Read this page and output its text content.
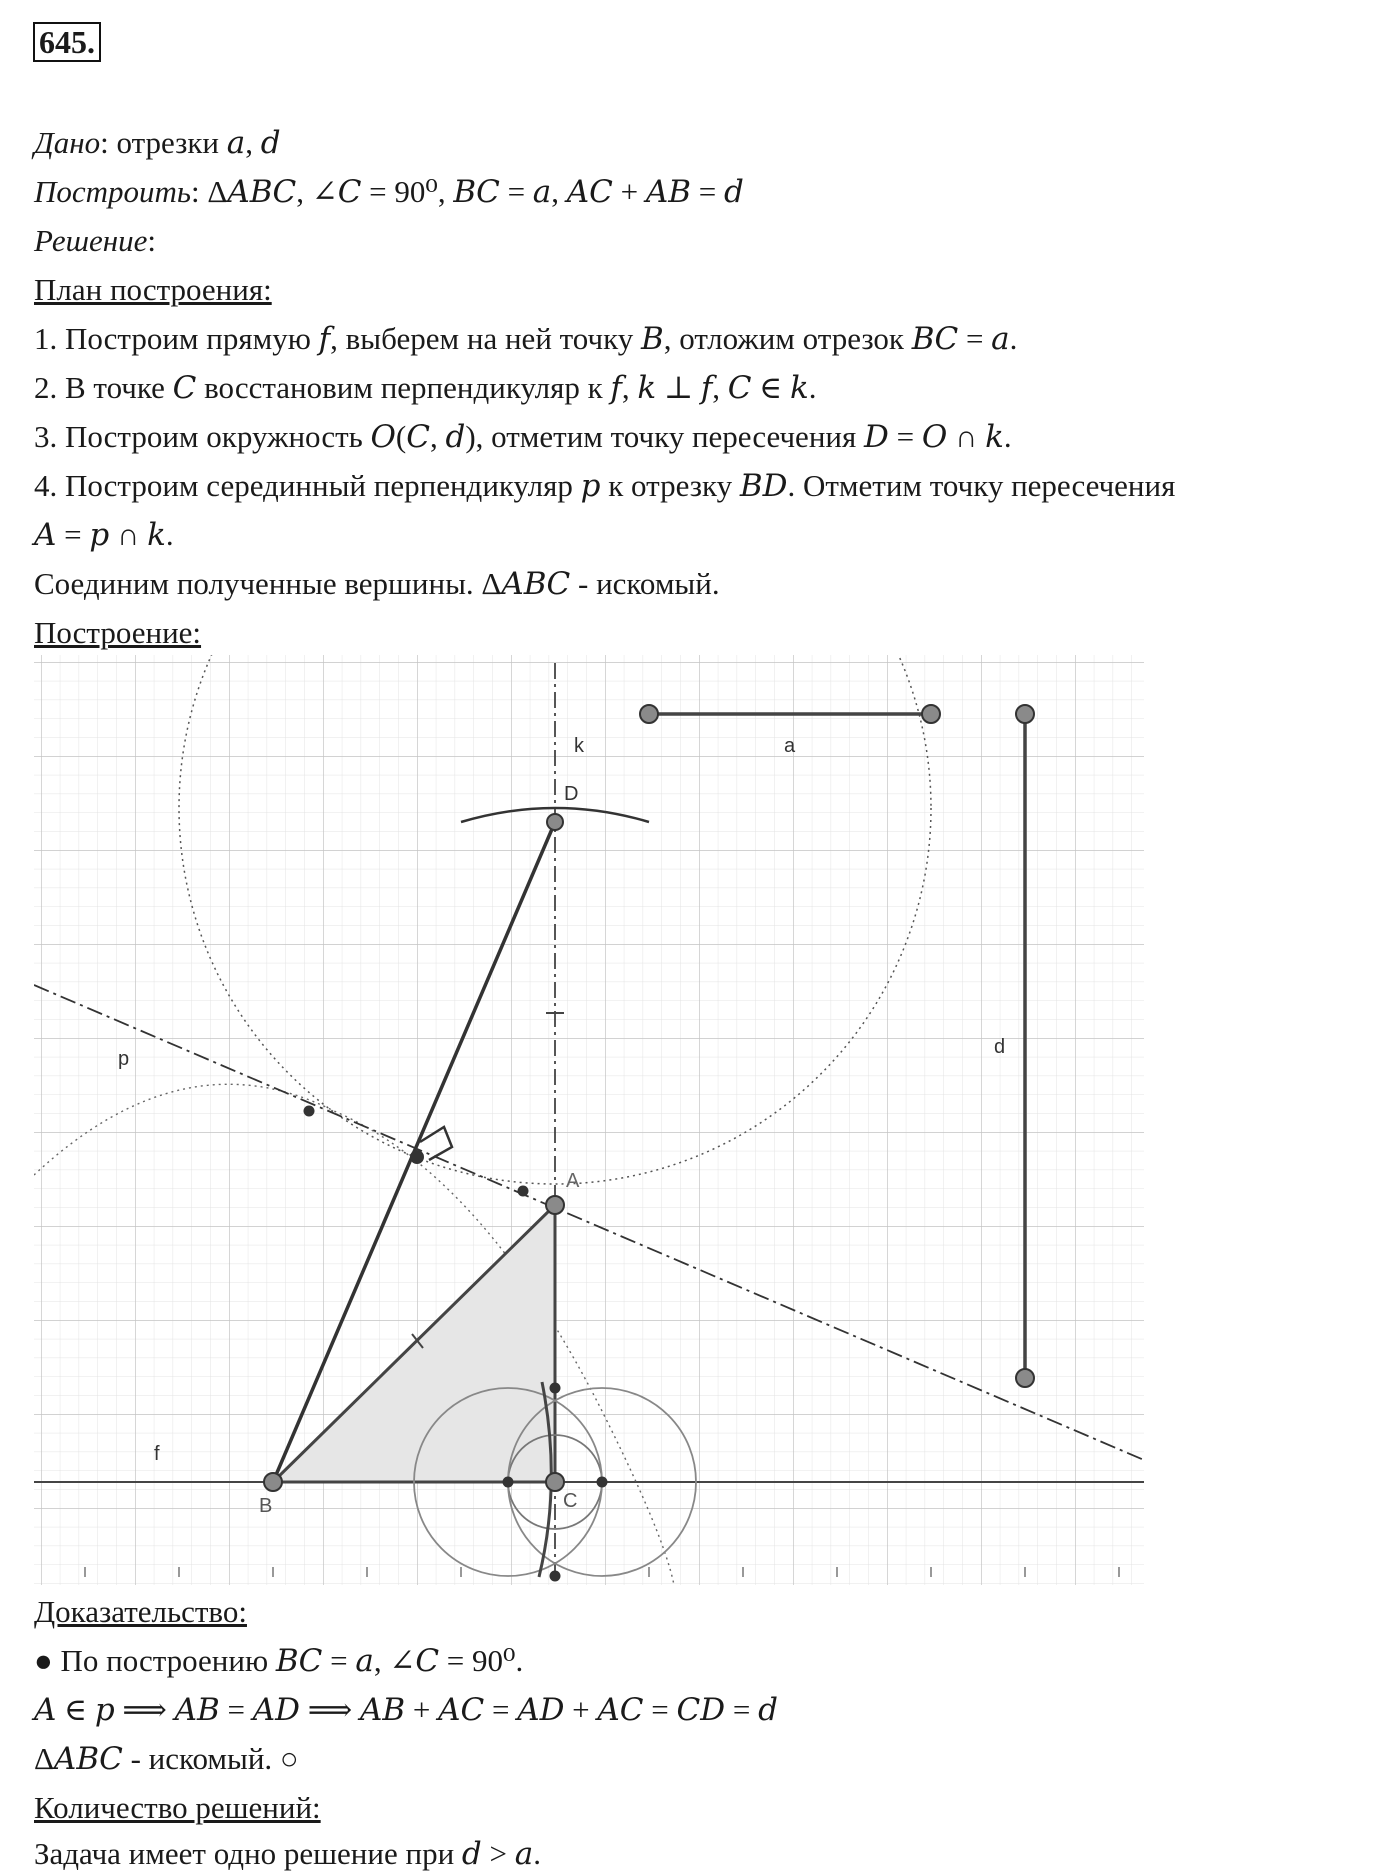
645.
Дано: отрезки 𝑎, 𝑑
Построить: Δ𝐴𝐵𝐶, ∠𝐶 = 90⁰, 𝐵𝐶 = 𝑎, 𝐴𝐶 + 𝐴𝐵 = 𝑑
Решение:
План построения:
1. Построим прямую 𝑓, выберем на ней точку 𝐵, отложим отрезок 𝐵𝐶 = 𝑎.
2. В точке 𝐶 восстановим перпендикуляр к 𝑓, 𝑘 ⊥ 𝑓, 𝐶 ∈ 𝑘.
3. Построим окружность 𝑂(𝐶, 𝑑), отметим точку пересечения 𝐷 = 𝑂 ∩ 𝑘.
4. Построим серединный перпендикуляр 𝑝 к отрезку 𝐵𝐷. Отметим точку пересечения
𝐴 = 𝑝 ∩ 𝑘.
Соединим полученные вершины. Δ𝐴𝐵𝐶 - искомый.
Построение:
k	a
D
d
p
A
f
B	C
Доказательство:
● По построению 𝐵𝐶 = 𝑎, ∠𝐶 = 90⁰.
𝐴 ∈ 𝑝 ⟹ 𝐴𝐵 = 𝐴𝐷 ⟹ 𝐴𝐵 + 𝐴𝐶 = 𝐴𝐷 + 𝐴𝐶 = 𝐶𝐷 = 𝑑
Δ𝐴𝐵𝐶 - искомый. ○
Количество решений:
Задача имеет одно решение при 𝑑 > 𝑎.
